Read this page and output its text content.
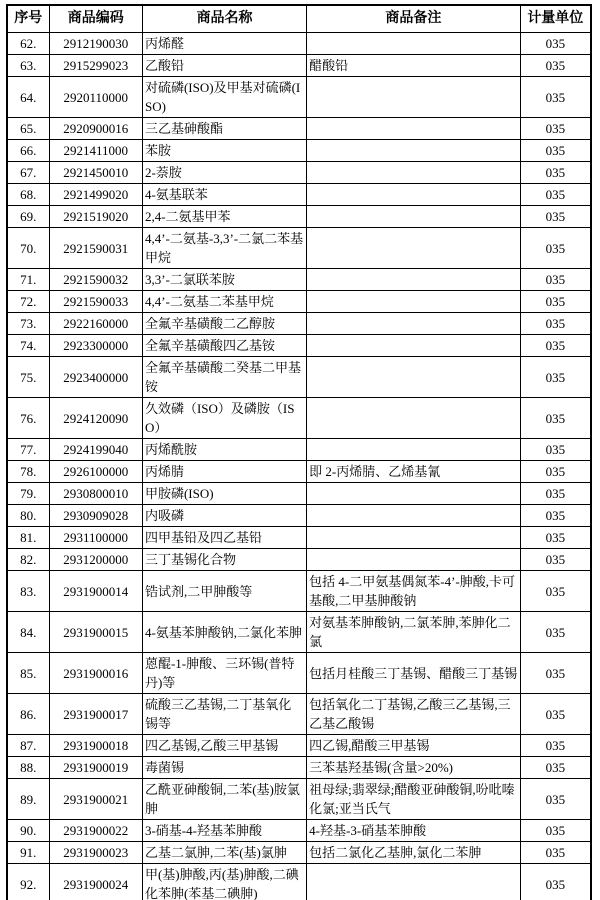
序号	商品编码	商品名称	商品备注	计量单位
62.	2912190030	丙烯醛		035
63.	2915299023	乙酸铅	醋酸铅	035
64.	2920110000	对硫磷(ISO)及甲基对硫磷(ISO)		035
65.	2920900016	三乙基砷酸酯		035
66.	2921411000	苯胺		035
67.	2921450010	2-萘胺		035
68.	2921499020	4-氨基联苯		035
69.	2921519020	2,4-二氨基甲苯		035
70.	2921590031	4,4’-二氨基-3,3’-二氯二苯基甲烷		035
71.	2921590032	3,3’-二氯联苯胺		035
72.	2921590033	4,4’-二氨基二苯基甲烷		035
73.	2922160000	全氟辛基磺酸二乙醇胺		035
74.	2923300000	全氟辛基磺酸四乙基铵		035
75.	2923400000	全氟辛基磺酸二癸基二甲基铵		035
76.	2924120090	久效磷（ISO）及磷胺（ISO）		035
77.	2924199040	丙烯酰胺		035
78.	2926100000	丙烯腈	即 2-丙烯腈、乙烯基氰	035
79.	2930800010	甲胺磷(ISO)		035
80.	2930909028	内吸磷		035
81.	2931100000	四甲基铅及四乙基铅		035
82.	2931200000	三丁基锡化合物		035
83.	2931900014	锆试剂,二甲胂酸等	包括 4-二甲氨基偶氮苯-4’-胂酸,卡可基酸,二甲基胂酸钠	035
84.	2931900015	4-氨基苯胂酸钠,二氯化苯胂	对氨基苯胂酸钠,二氯苯胂,苯胂化二氯	035
85.	2931900016	蒽醌-1-胂酸、三环锡(普特丹)等	包括月桂酸三丁基锡、醋酸三丁基锡	035
86.	2931900017	硫酸三乙基锡,二丁基氧化锡等	包括氧化二丁基锡,乙酸三乙基锡,三乙基乙酸锡	035
87.	2931900018	四乙基锡,乙酸三甲基锡	四乙锡,醋酸三甲基锡	035
88.	2931900019	毒菌锡	三苯基羟基锡(含量>20%)	035
89.	2931900021	乙酰亚砷酸铜,二苯(基)胺氯胂	祖母绿;翡翠绿;醋酸亚砷酸铜,吩吡嗪化氯;亚当氏气	035
90.	2931900022	3-硝基-4-羟基苯胂酸	4-羟基-3-硝基苯胂酸	035
91.	2931900023	乙基二氯胂,二苯(基)氯胂	包括二氯化乙基胂,氯化二苯胂	035
92.	2931900024	甲(基)胂酸,丙(基)胂酸,二碘化苯胂(苯基二碘胂)		035
